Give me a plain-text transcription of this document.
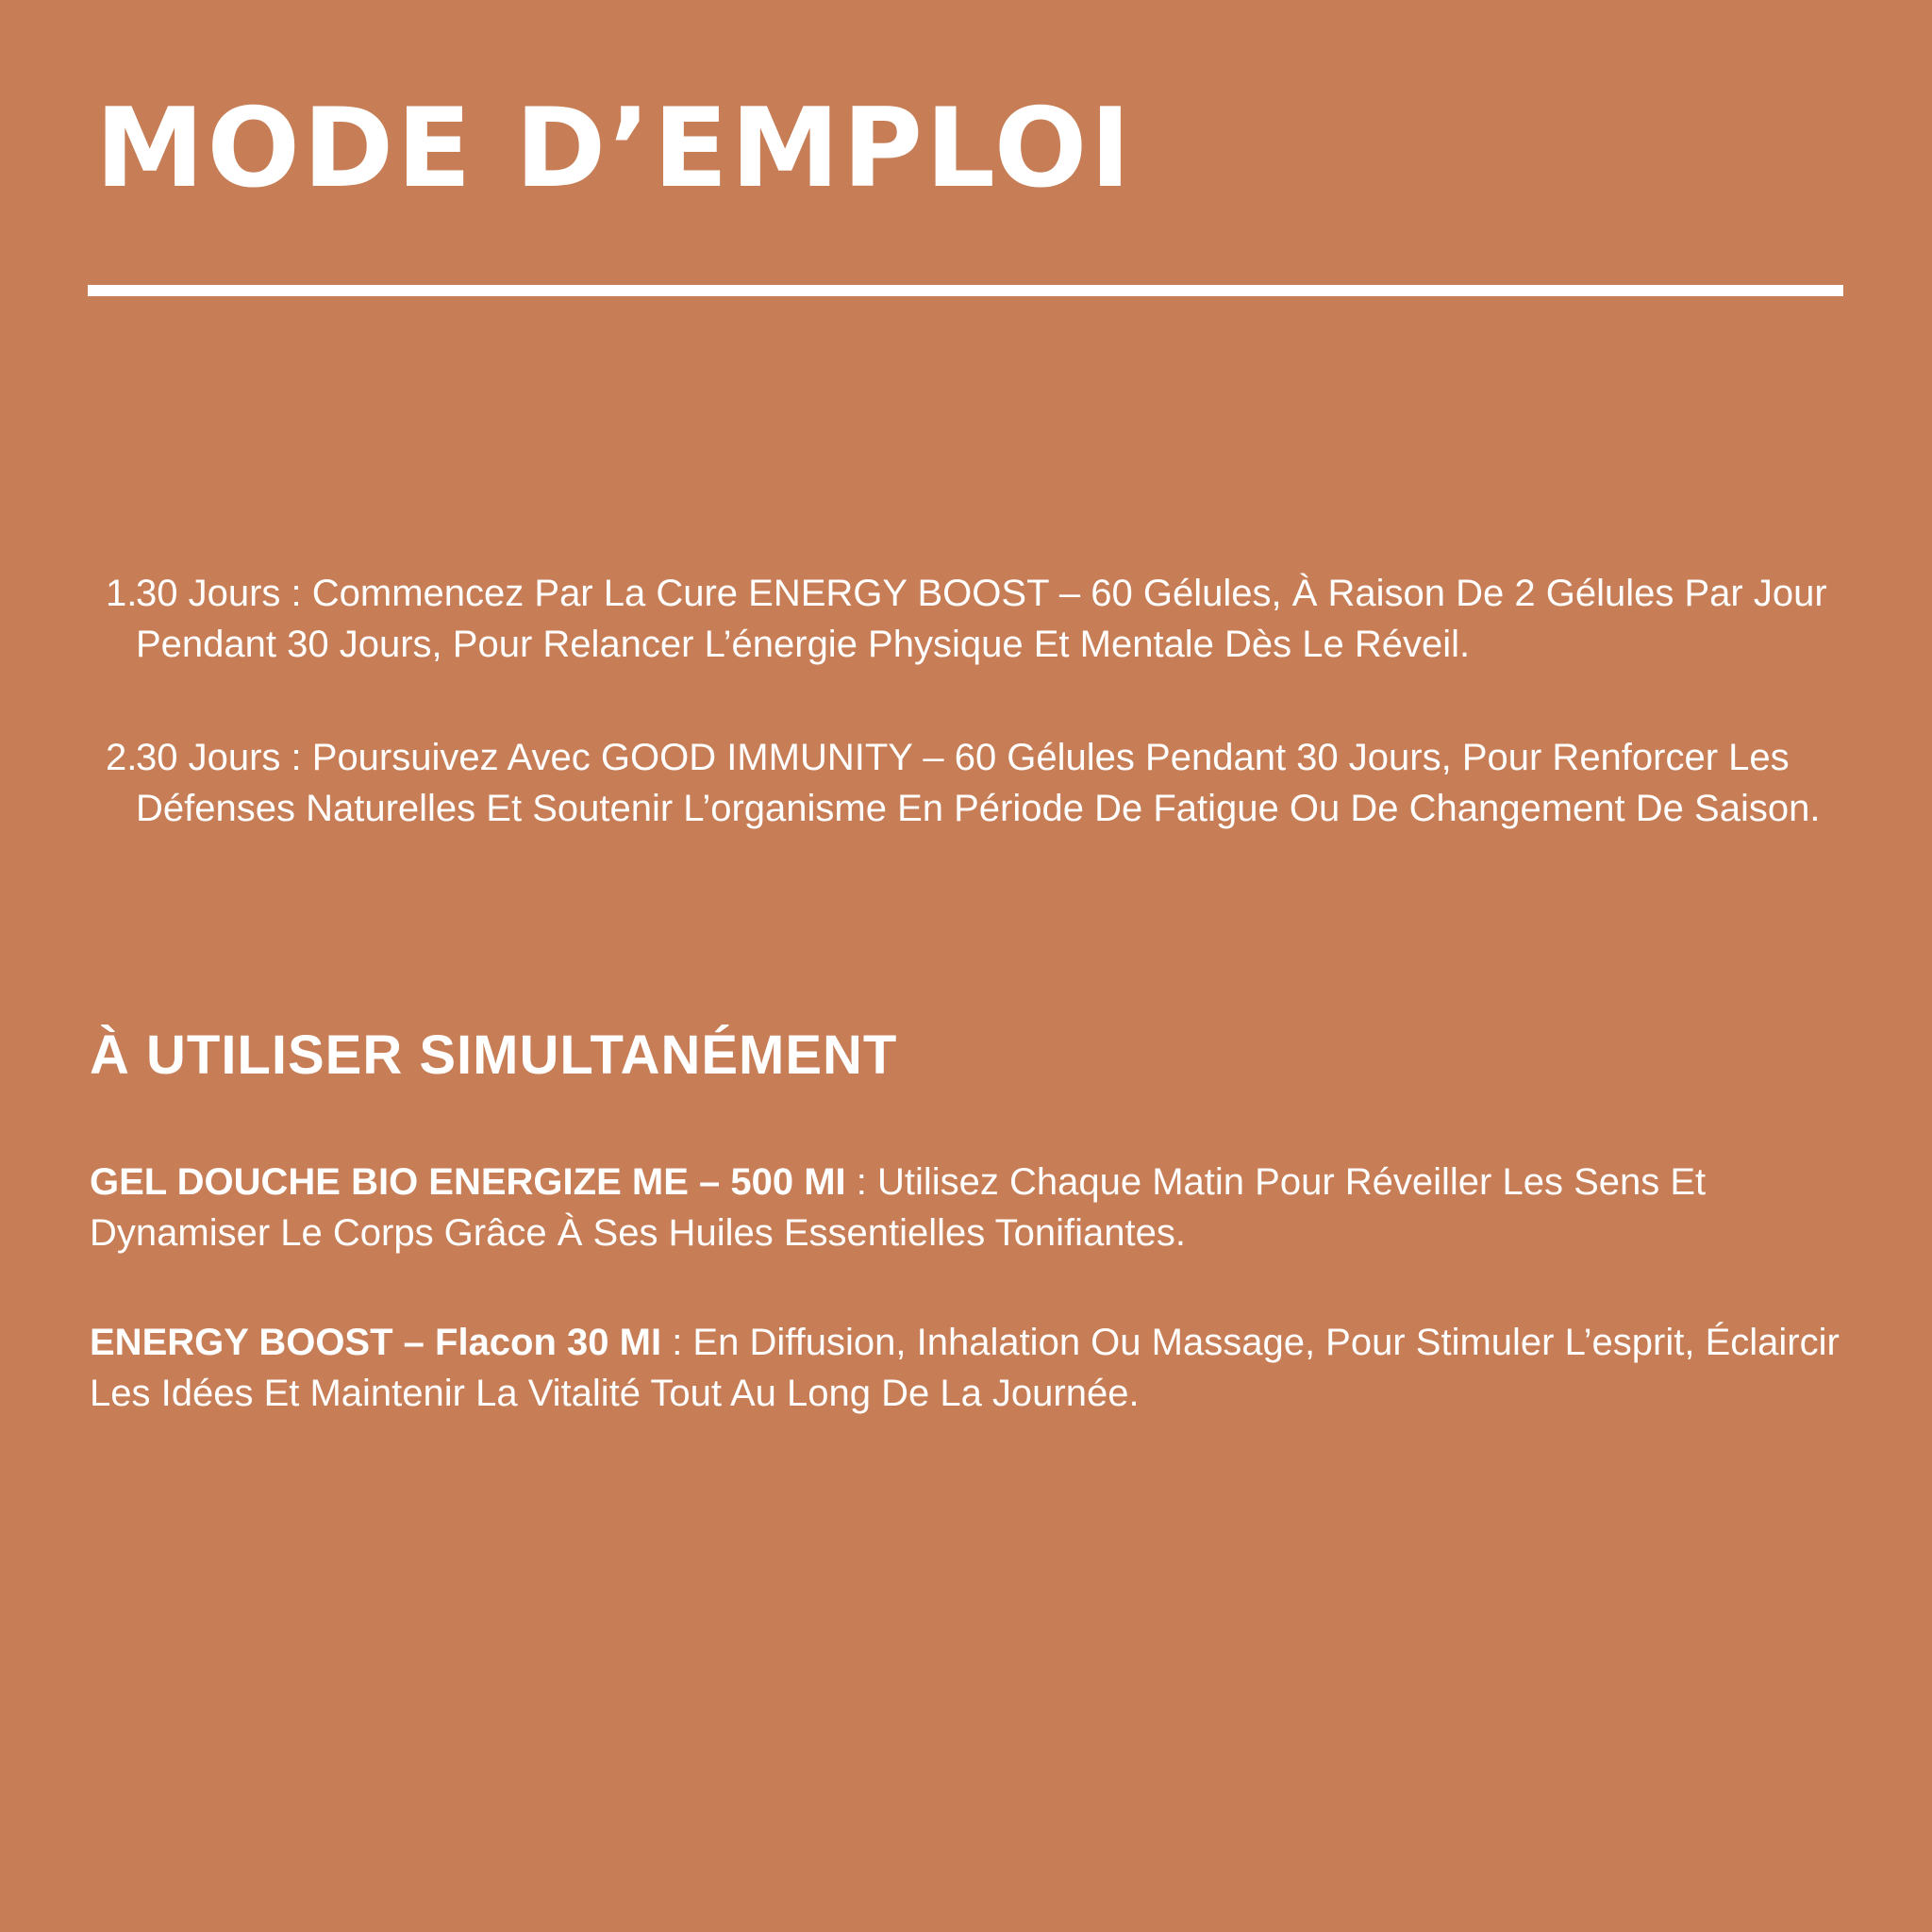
MODE D’EMPLOI
1.
30 Jours : Commencez Par La Cure ENERGY BOOST – 60 Gélules, À Raison De 2 Gélules Par Jour Pendant 30 Jours, Pour Relancer L’énergie Physique Et Mentale Dès Le Réveil.
2.
30 Jours : Poursuivez Avec GOOD IMMUNITY – 60 Gélules Pendant 30 Jours, Pour Renforcer Les Défenses Naturelles Et Soutenir L’organisme En Période De Fatigue Ou De Changement De Saison.
À UTILISER SIMULTANÉMENT

GEL DOUCHE BIO ENERGIZE ME – 500 MI : Utilisez Chaque Matin Pour Réveiller Les Sens Et Dynamiser Le Corps Grâce À Ses Huiles Essentielles Tonifiantes.

ENERGY BOOST – Flacon 30 MI : En Diffusion, Inhalation Ou Massage, Pour Stimuler L’esprit, Éclaircir Les Idées Et Maintenir La Vitalité Tout Au Long De La Journée.
